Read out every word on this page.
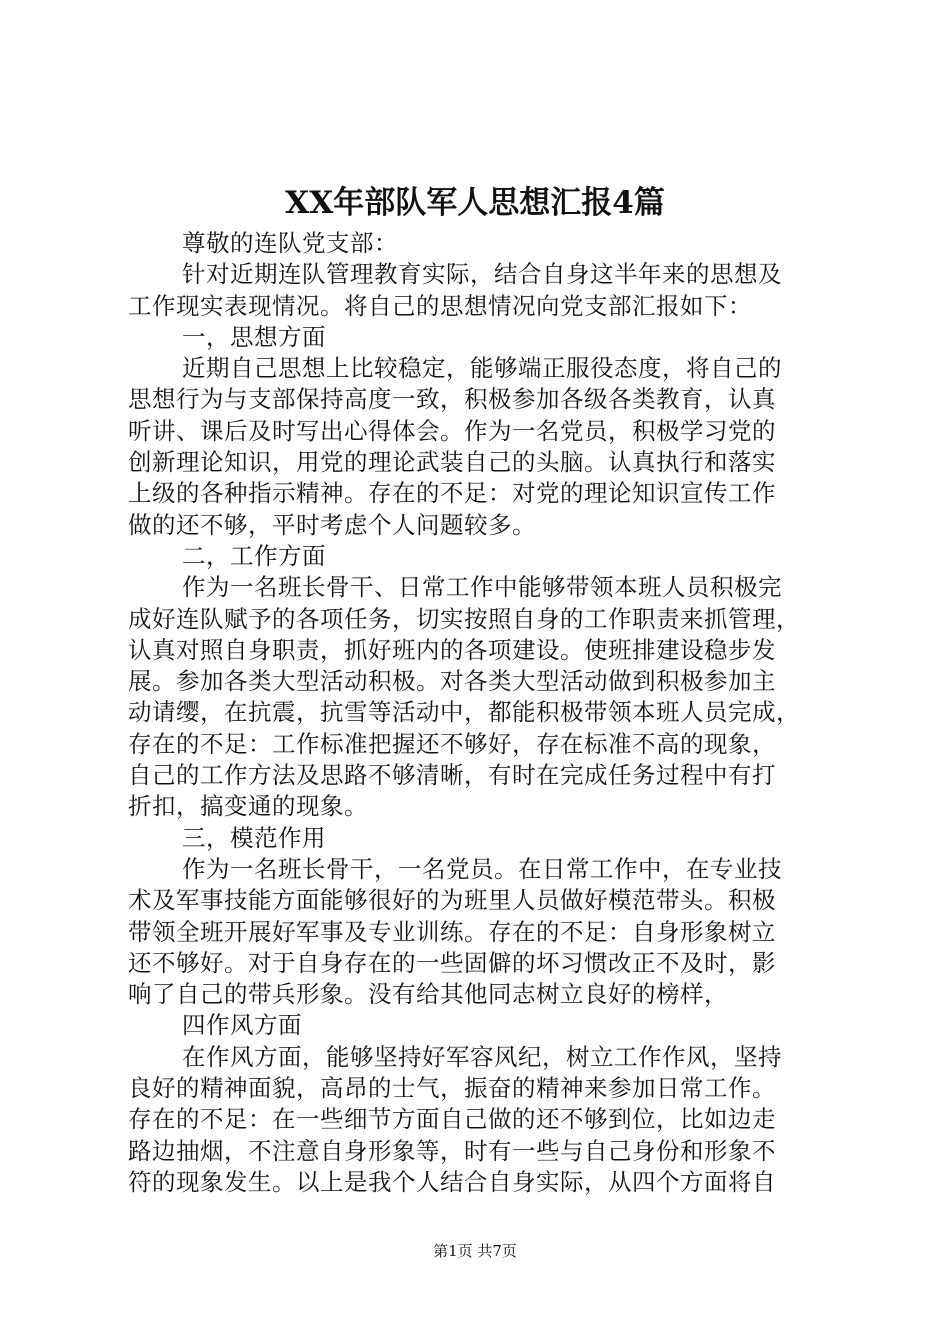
XX年部队军人思想汇报4篇
尊敬的连队党支部：
针对近期连队管理教育实际，结合自身这半年来的思想及
工作现实表现情况。将自己的思想情况向党支部汇报如下：
一，思想方面
近期自己思想上比较稳定，能够端正服役态度，将自己的
思想行为与支部保持高度一致，积极参加各级各类教育，认真
听讲、课后及时写出心得体会。作为一名党员，积极学习党的
创新理论知识，用党的理论武装自己的头脑。认真执行和落实
上级的各种指示精神。存在的不足：对党的理论知识宣传工作
做的还不够，平时考虑个人问题较多。
二，工作方面
作为一名班长骨干、日常工作中能够带领本班人员积极完
成好连队赋予的各项任务，切实按照自身的工作职责来抓管理，
认真对照自身职责，抓好班内的各项建设。使班排建设稳步发
展。参加各类大型活动积极。对各类大型活动做到积极参加主
动请缨，在抗震，抗雪等活动中，都能积极带领本班人员完成，
存在的不足：工作标准把握还不够好，存在标准不高的现象，
自己的工作方法及思路不够清晰，有时在完成任务过程中有打
折扣，搞变通的现象。
三，模范作用
作为一名班长骨干，一名党员。在日常工作中，在专业技
术及军事技能方面能够很好的为班里人员做好模范带头。积极
带领全班开展好军事及专业训练。存在的不足：自身形象树立
还不够好。对于自身存在的一些固僻的坏习惯改正不及时，影
响了自己的带兵形象。没有给其他同志树立良好的榜样，
四作风方面
在作风方面，能够坚持好军容风纪，树立工作作风，坚持
良好的精神面貌，高昂的士气，振奋的精神来参加日常工作。
存在的不足：在一些细节方面自己做的还不够到位，比如边走
路边抽烟，不注意自身形象等，时有一些与自己身份和形象不
符的现象发生。以上是我个人结合自身实际，从四个方面将自
第1页 共7页
